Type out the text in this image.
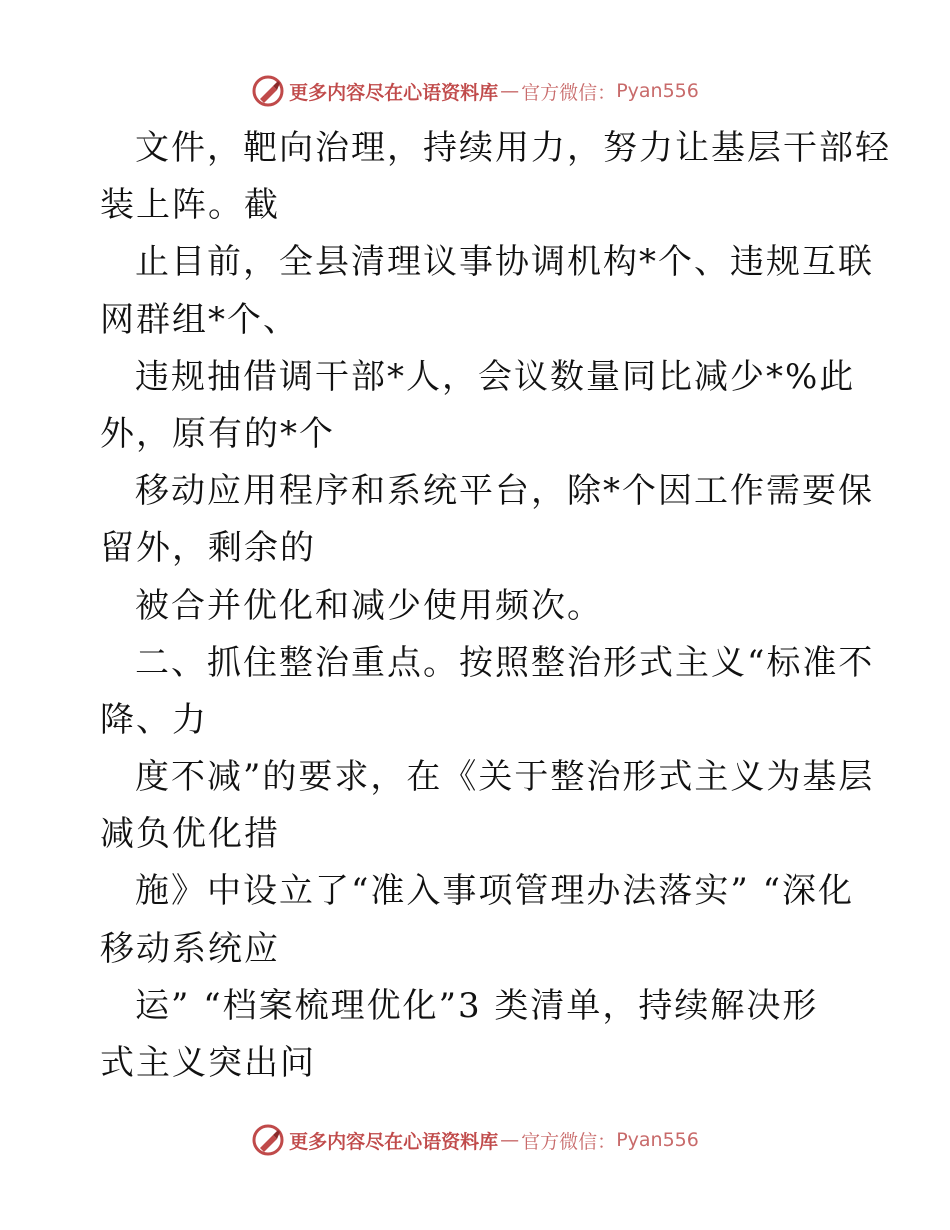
更多内容尽在心语资料库 — 官方微信： Pyan556
文件，靶向治理，持续用力，努力让基层干部轻
装上阵。截
止目前，全县清理议事协调机构*个、违规互联
网群组*个、
违规抽借调干部*人，会议数量同比减少*%此
外，原有的*个
移动应用程序和系统平台，除*个因工作需要保
留外，剩余的
被合并优化和减少使用频次。
二、抓住整治重点。按照整治形式主义“标准不
降、力
度不减”的要求，在《关于整治形式主义为基层
减负优化措
施》中设立了“准入事项管理办法落实” “深化
移动系统应
运” “档案梳理优化”3 类清单，持续解决形
式主义突出问
更多内容尽在心语资料库 — 官方微信： Pyan556
